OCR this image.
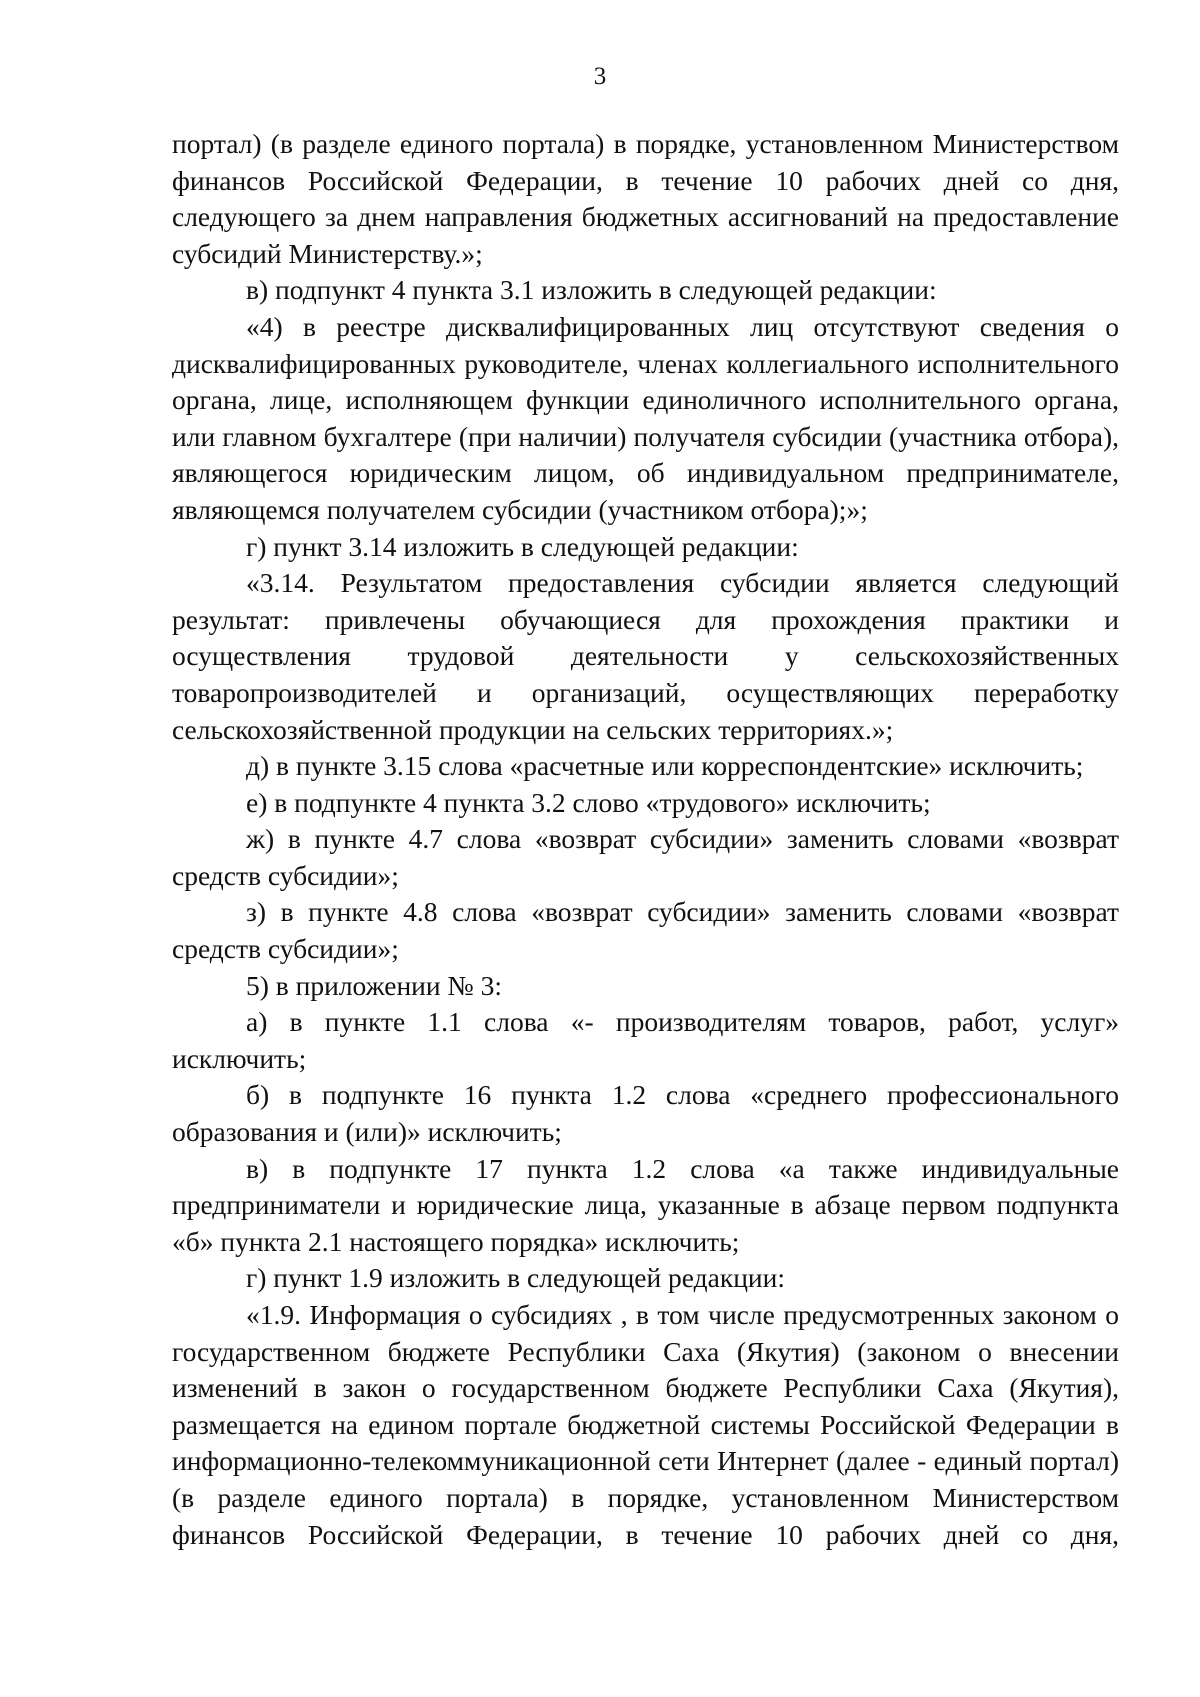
3

портал) (в разделе единого портала) в порядке, установленном Министерством финансов Российской Федерации, в течение 10 рабочих дней со дня, следующего за днем направления бюджетных ассигнований на предоставление субсидий Министерству.»;

в) подпункт 4 пункта 3.1 изложить в следующей редакции:

«4) в реестре дисквалифицированных лиц отсутствуют сведения о дисквалифицированных руководителе, членах коллегиального исполнительного органа, лице, исполняющем функции единоличного исполнительного органа, или главном бухгалтере (при наличии) получателя субсидии (участника отбора), являющегося юридическим лицом, об индивидуальном предпринимателе, являющемся получателем субсидии (участником отбора);»;

г) пункт 3.14 изложить в следующей редакции:

«3.14. Результатом предоставления субсидии является следующий результат: привлечены обучающиеся для прохождения практики и осуществления трудовой деятельности у сельскохозяйственных товаропроизводителей и организаций, осуществляющих переработку сельскохозяйственной продукции на сельских территориях.»;

д) в пункте 3.15 слова «расчетные или корреспондентские» исключить;

е) в подпункте 4 пункта 3.2 слово «трудового» исключить;

ж) в пункте 4.7 слова «возврат субсидии» заменить словами «возврат средств субсидии»;

з) в пункте 4.8 слова «возврат субсидии» заменить словами «возврат средств субсидии»;

5) в приложении № 3:

а) в пункте 1.1 слова «- производителям товаров, работ, услуг» исключить;

б) в подпункте 16 пункта 1.2 слова «среднего профессионального образования и (или)» исключить;

в) в подпункте 17 пункта 1.2 слова «а также индивидуальные предприниматели и юридические лица, указанные в абзаце первом подпункта «б» пункта 2.1 настоящего порядка» исключить;

г) пункт 1.9 изложить в следующей редакции:

«1.9. Информация о субсидиях , в том числе предусмотренных законом о государственном бюджете Республики Саха (Якутия) (законом о внесении изменений в закон о государственном бюджете Республики Саха (Якутия), размещается на едином портале бюджетной системы Российской Федерации в информационно-телекоммуникационной сети Интернет (далее - единый портал) (в разделе единого портала) в порядке, установленном Министерством финансов Российской Федерации, в течение 10 рабочих дней со дня,
